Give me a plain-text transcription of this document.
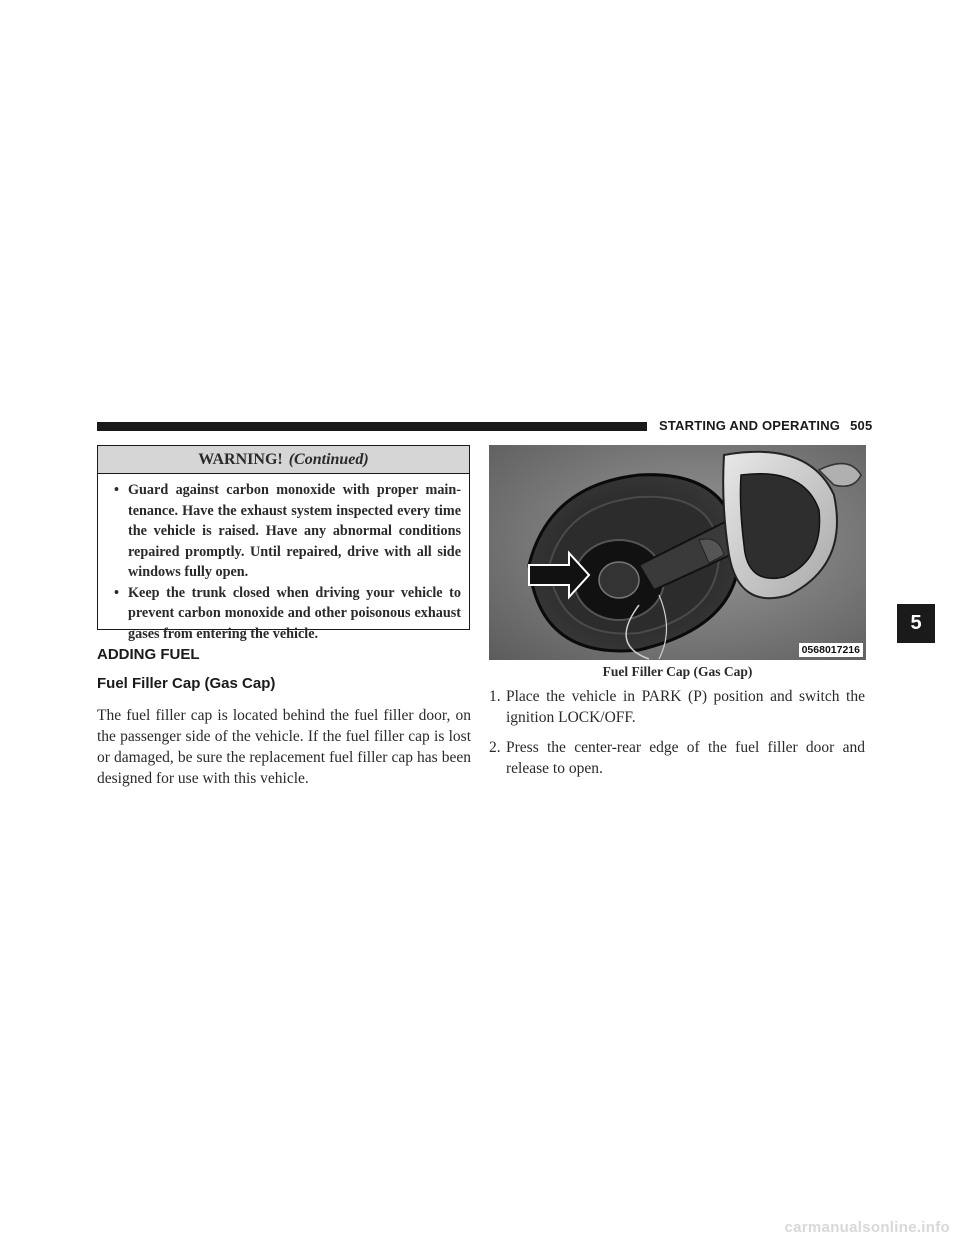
STARTING AND OPERATING 505
WARNING! (Continued)
• Guard against carbon monoxide with proper maintenance. Have the exhaust system inspected every time the vehicle is raised. Have any abnormal conditions repaired promptly. Until repaired, drive with all side windows fully open.
• Keep the trunk closed when driving your vehicle to prevent carbon monoxide and other poisonous exhaust gases from entering the vehicle.
ADDING FUEL
Fuel Filler Cap (Gas Cap)

The fuel filler cap is located behind the fuel filler door, on the passenger side of the vehicle. If the fuel filler cap is lost or damaged, be sure the replacement fuel filler cap has been designed for use with this vehicle.

0568017216
Fuel Filler Cap (Gas Cap)
1. Place the vehicle in PARK (P) position and switch the ignition LOCK/OFF.
2. Press the center-rear edge of the fuel filler door and release to open.
5
carmanualsonline.info
